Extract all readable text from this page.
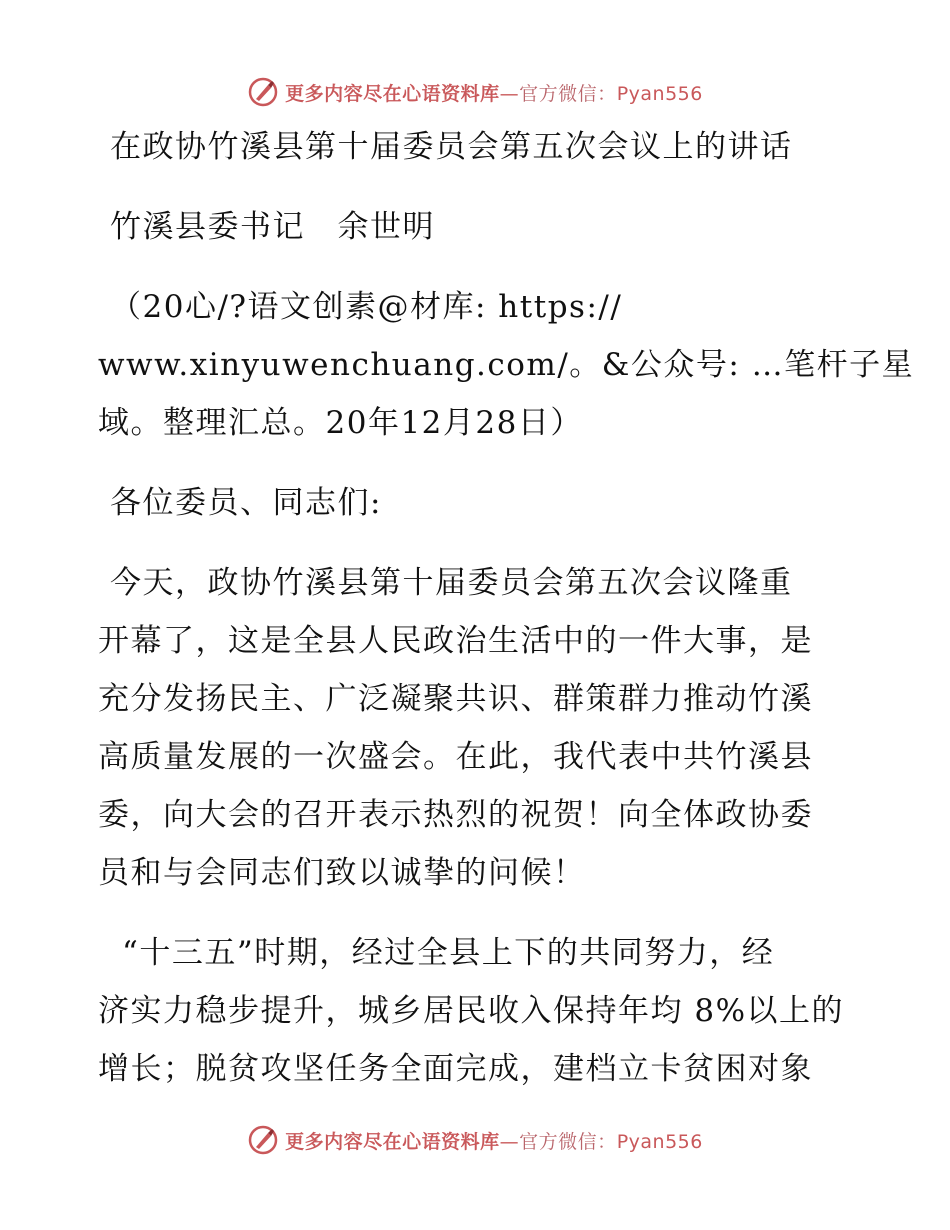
更多内容尽在心语资料库—官方微信：Pyan556
在政协竹溪县第十届委员会第五次会议上的讲话
竹溪县委书记　余世明
（20心/?语文创素@材库: https://
www.xinyuwenchuang.com/。&公众号: …笔杆子星
域。整理汇总。20年12月28日）
各位委员、同志们:
今天，政协竹溪县第十届委员会第五次会议隆重
开幕了，这是全县人民政治生活中的一件大事，是
充分发扬民主、广泛凝聚共识、群策群力推动竹溪
高质量发展的一次盛会。在此，我代表中共竹溪县
委，向大会的召开表示热烈的祝贺！向全体政协委
员和与会同志们致以诚挚的问候！
“十三五”时期，经过全县上下的共同努力，经
济实力稳步提升，城乡居民收入保持年均 8%以上的
增长；脱贫攻坚任务全面完成，建档立卡贫困对象
更多内容尽在心语资料库—官方微信：Pyan556
